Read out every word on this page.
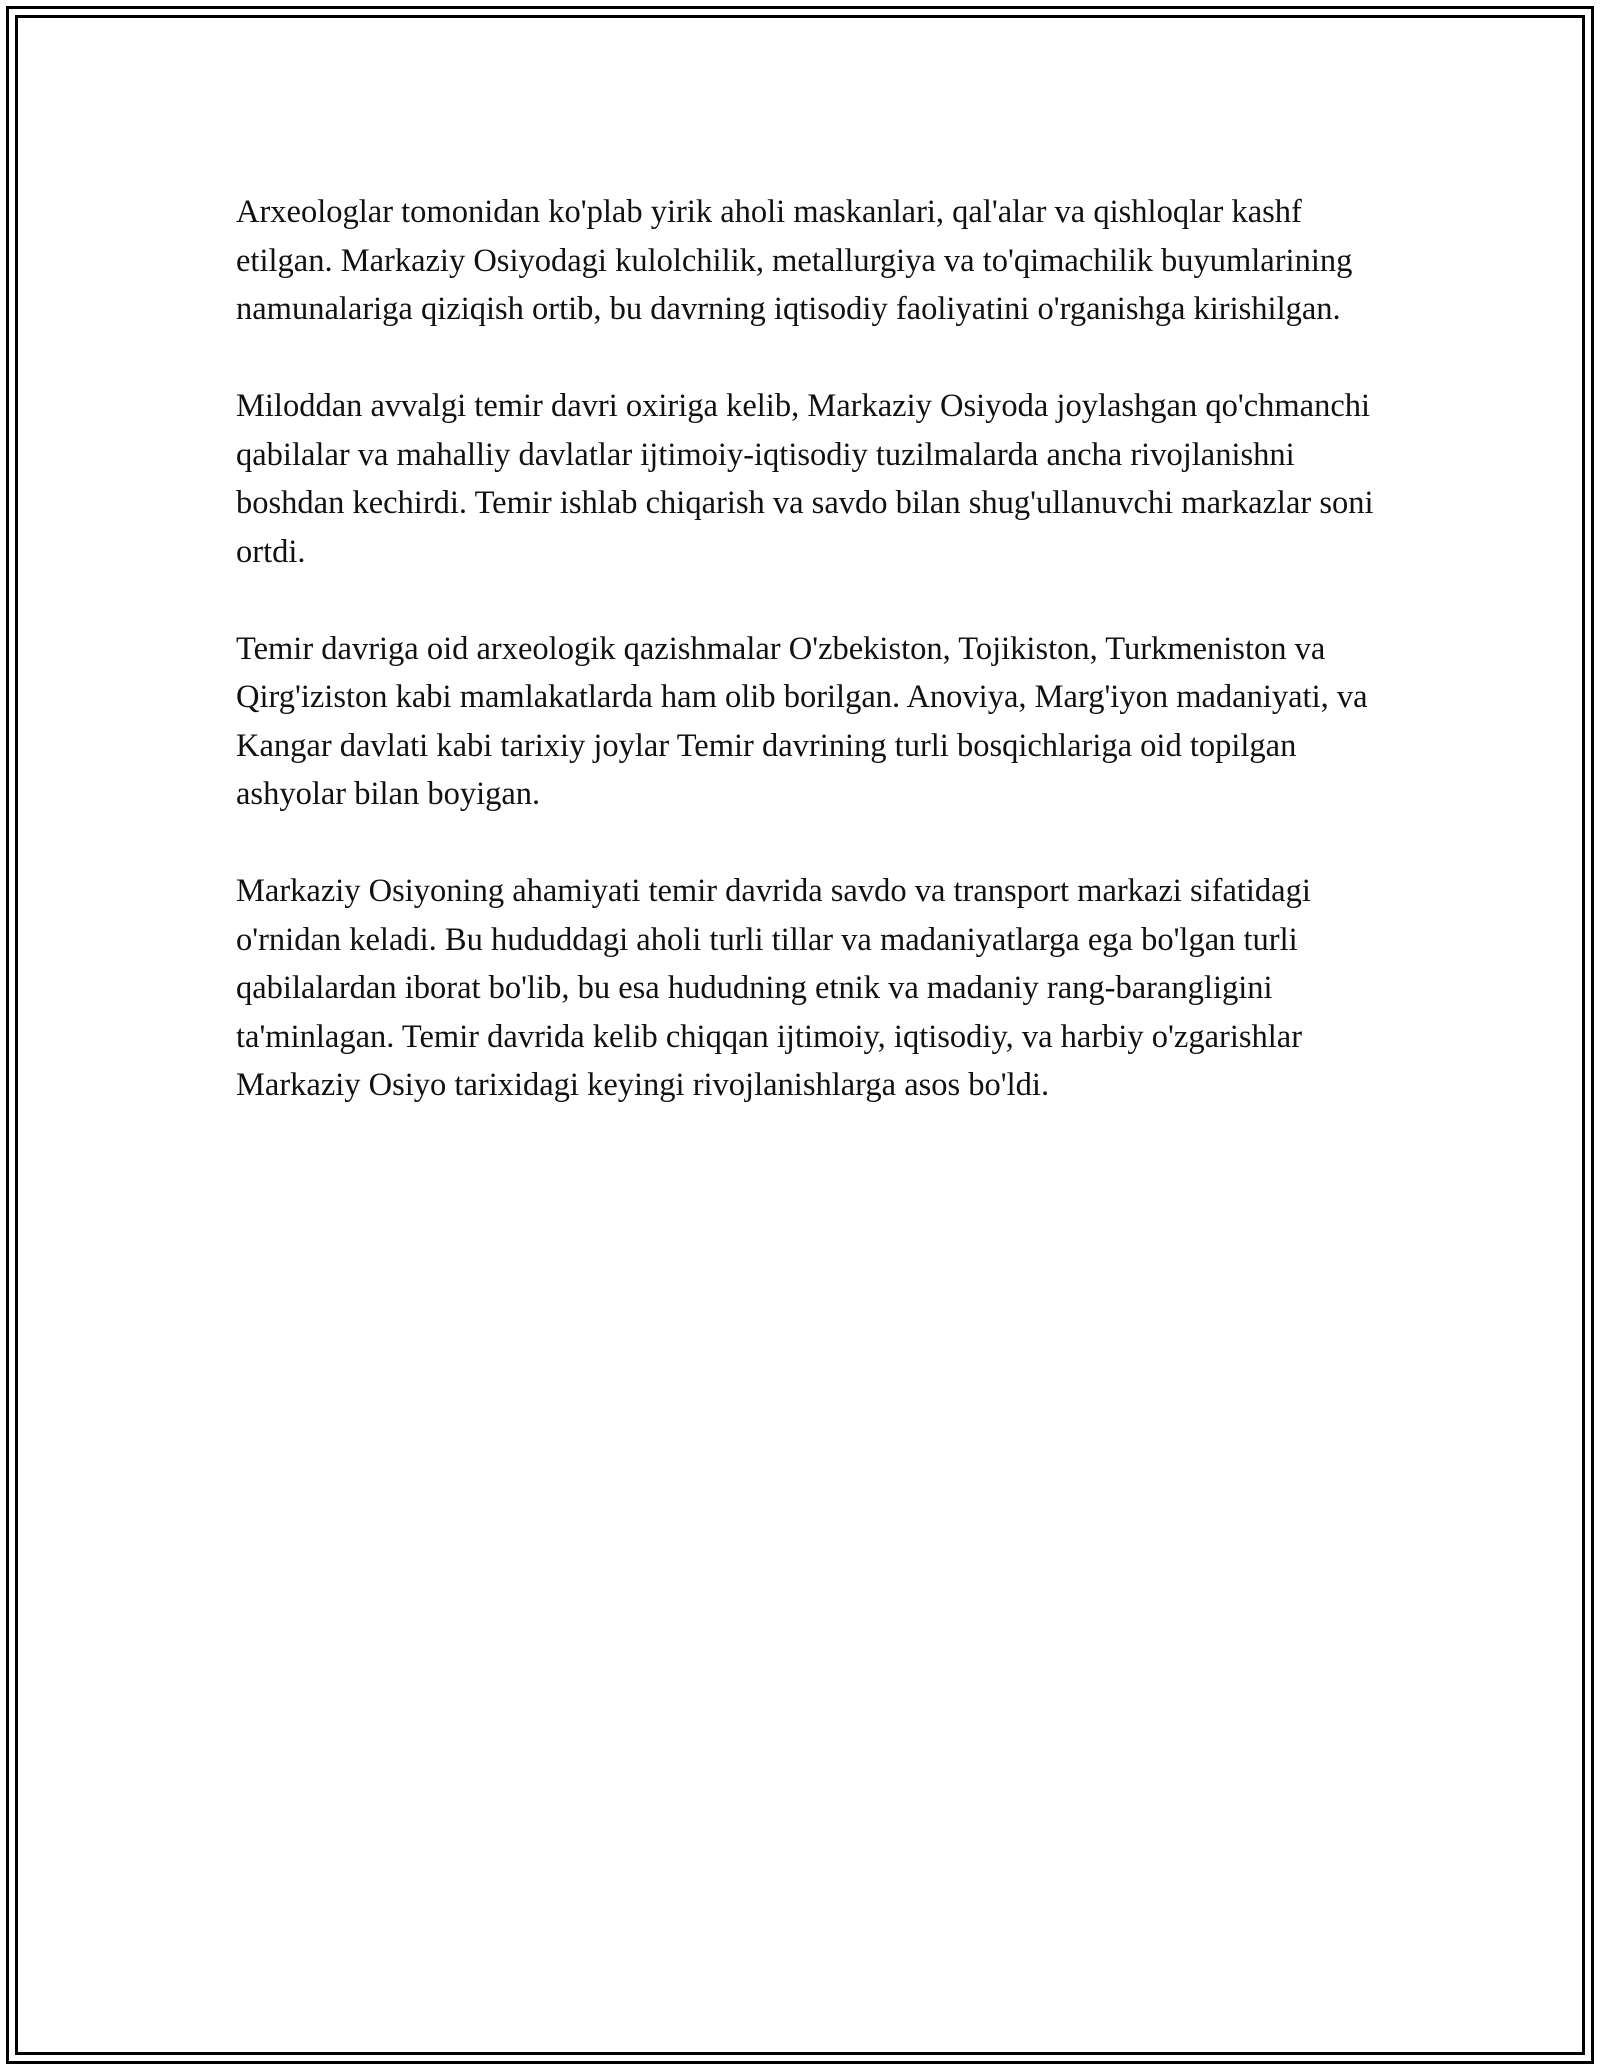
Arxeologlar tomonidan ko'plab yirik aholi maskanlari, qal'alar va qishloqlar kashf etilgan. Markaziy Osiyodagi kulolchilik, metallurgiya va to'qimachilik buyumlarining namunalariga qiziqish ortib, bu davrning iqtisodiy faoliyatini o'rganishga kirishilgan.

Miloddan avvalgi temir davri oxiriga kelib, Markaziy Osiyoda joylashgan qo'chmanchi qabilalar va mahalliy davlatlar ijtimoiy-iqtisodiy tuzilmalarda ancha rivojlanishni boshdan kechirdi. Temir ishlab chiqarish va savdo bilan shug'ullanuvchi markazlar soni ortdi.

Temir davriga oid arxeologik qazishmalar O'zbekiston, Tojikiston, Turkmeniston va Qirg'iziston kabi mamlakatlarda ham olib borilgan. Anoviya, Marg'iyon madaniyati, va Kangar davlati kabi tarixiy joylar Temir davrining turli bosqichlariga oid topilgan ashyolar bilan boyigan.

Markaziy Osiyoning ahamiyati temir davrida savdo va transport markazi sifatidagi o'rnidan keladi. Bu hududdagi aholi turli tillar va madaniyatlarga ega bo'lgan turli qabilalardan iborat bo'lib, bu esa hududning etnik va madaniy rang-barangligini ta'minlagan. Temir davrida kelib chiqqan ijtimoiy, iqtisodiy, va harbiy o'zgarishlar Markaziy Osiyo tarixidagi keyingi rivojlanishlarga asos bo'ldi.
